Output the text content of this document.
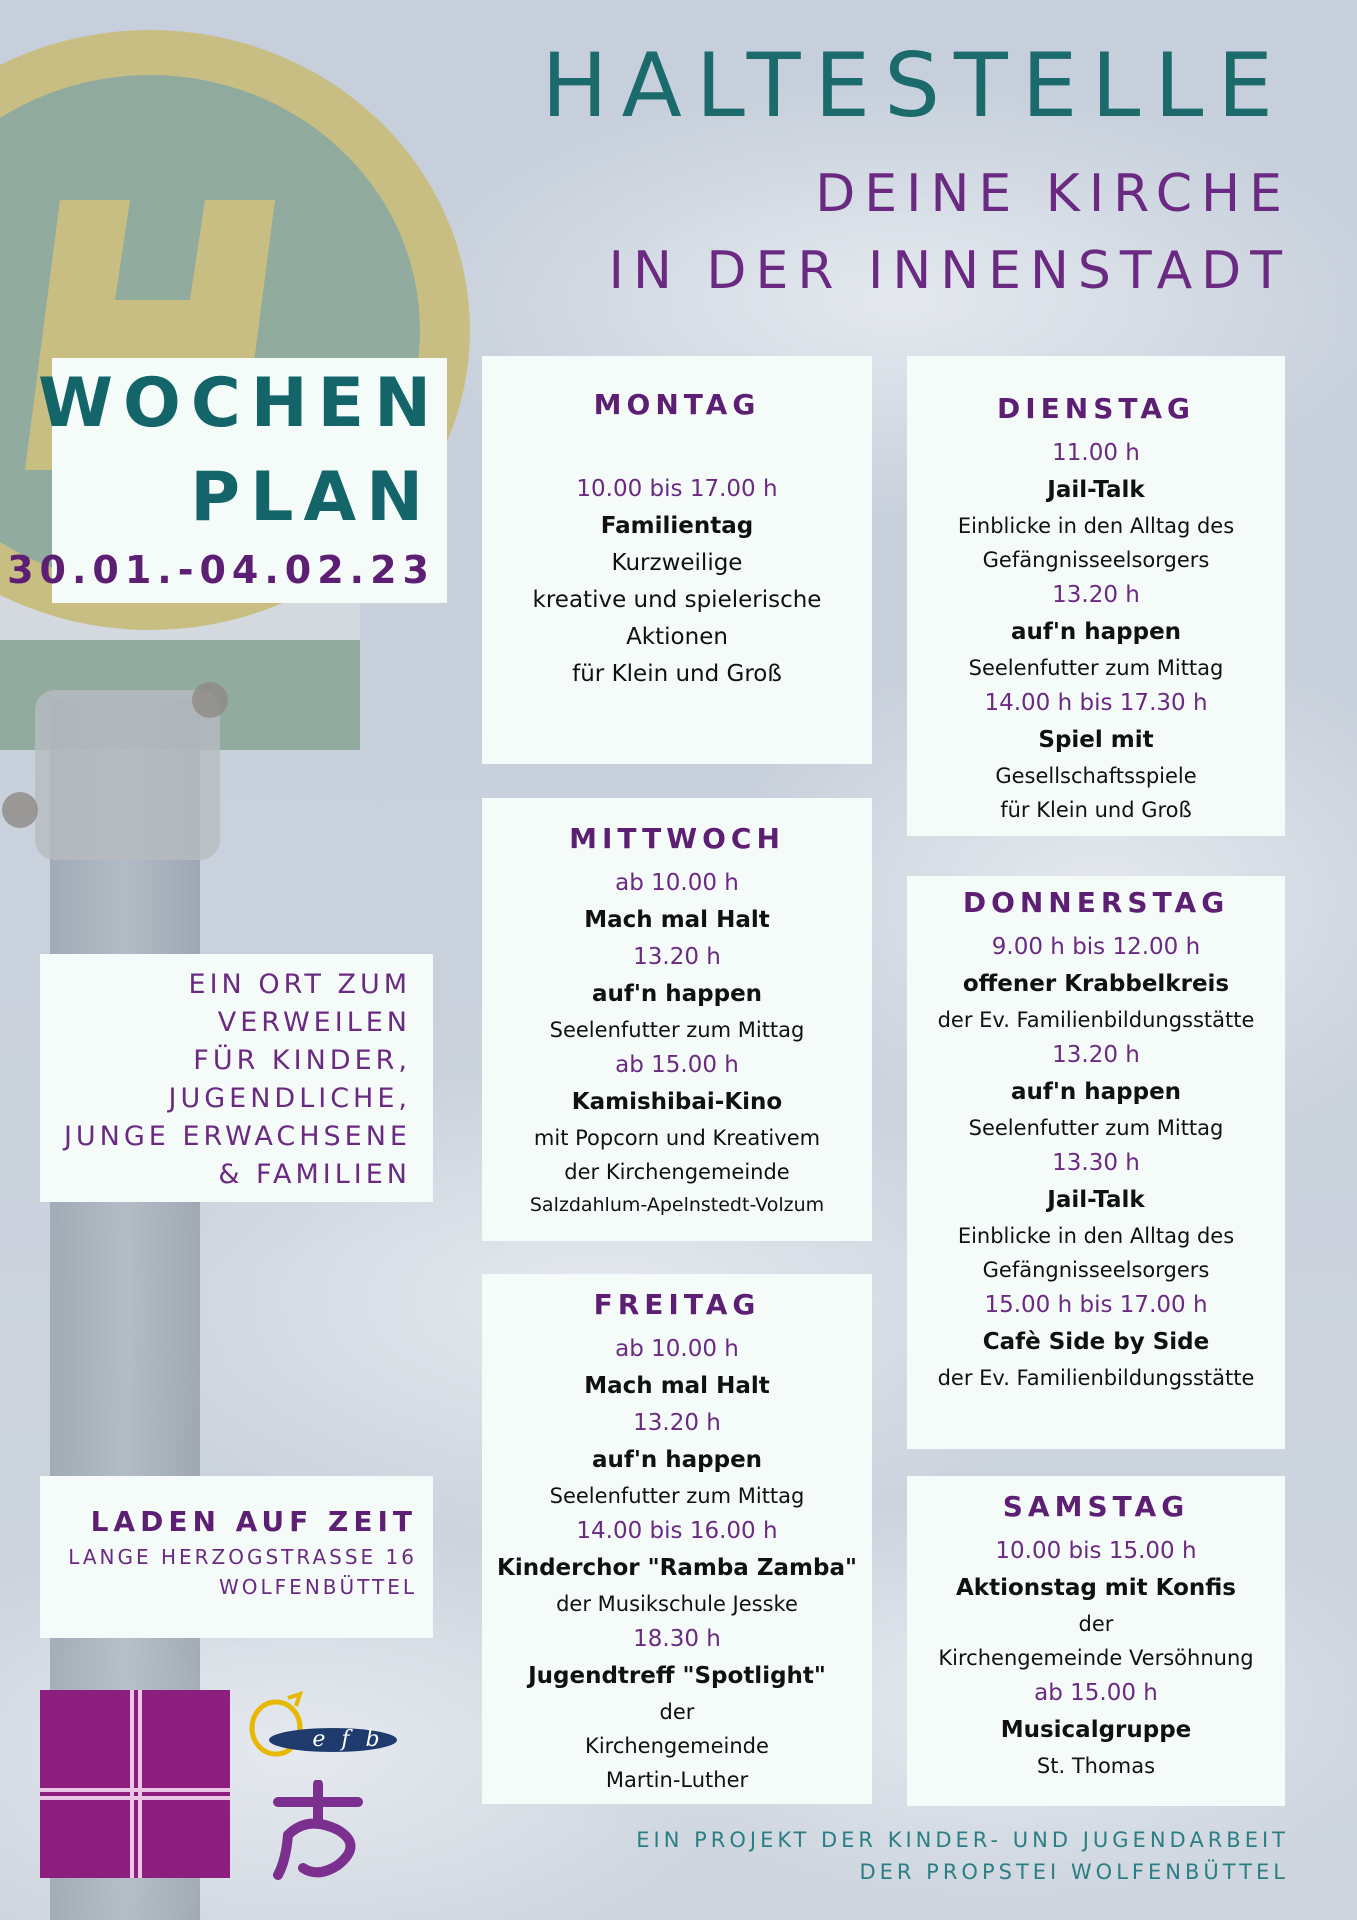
HALTESTELLE
DEINE KIRCHE
IN DER INNENSTADT
WOCHEN
PLAN
30.01.-04.02.23
EIN ORT ZUM
VERWEILEN
FÜR KINDER,
JUGENDLICHE,
JUNGE ERWACHSENE
& FAMILIEN
LADEN AUF ZEIT
LANGE HERZOGSTRASSE 16
WOLFENBÜTTEL
MONTAG
10.00 bis 17.00 h
Familientag
Kurzweilige
kreative und spielerische
Aktionen
für Klein und Groß
DIENSTAG
11.00 h
Jail-Talk
Einblicke in den Alltag des
Gefängnisseelsorgers
13.20 h
auf'n happen
Seelenfutter zum Mittag
14.00 h bis 17.30 h
Spiel mit
Gesellschaftsspiele
für Klein und Groß
MITTWOCH
ab 10.00 h
Mach mal Halt
13.20 h
auf'n happen
Seelenfutter zum Mittag
ab 15.00 h
Kamishibai-Kino
mit Popcorn und Kreativem
der Kirchengemeinde
Salzdahlum-Apelnstedt-Volzum
DONNERSTAG
9.00 h bis 12.00 h
offener Krabbelkreis
der Ev. Familienbildungsstätte
13.20 h
auf'n happen
Seelenfutter zum Mittag
13.30 h
Jail-Talk
Einblicke in den Alltag des
Gefängnisseelsorgers
15.00 h bis 17.00 h
Cafè Side by Side
der Ev. Familienbildungsstätte
FREITAG
ab 10.00 h
Mach mal Halt
13.20 h
auf'n happen
Seelenfutter zum Mittag
14.00 bis 16.00 h
Kinderchor "Ramba Zamba"
der Musikschule Jesske
18.30 h
Jugendtreff "Spotlight"
der
Kirchengemeinde
Martin-Luther
SAMSTAG
10.00 bis 15.00 h
Aktionstag mit Konfis
der
Kirchengemeinde Versöhnung
ab 15.00 h
Musicalgruppe
St. Thomas
efb
EIN PROJEKT DER KINDER- UND JUGENDARBEIT
DER PROPSTEI WOLFENBÜTTEL
